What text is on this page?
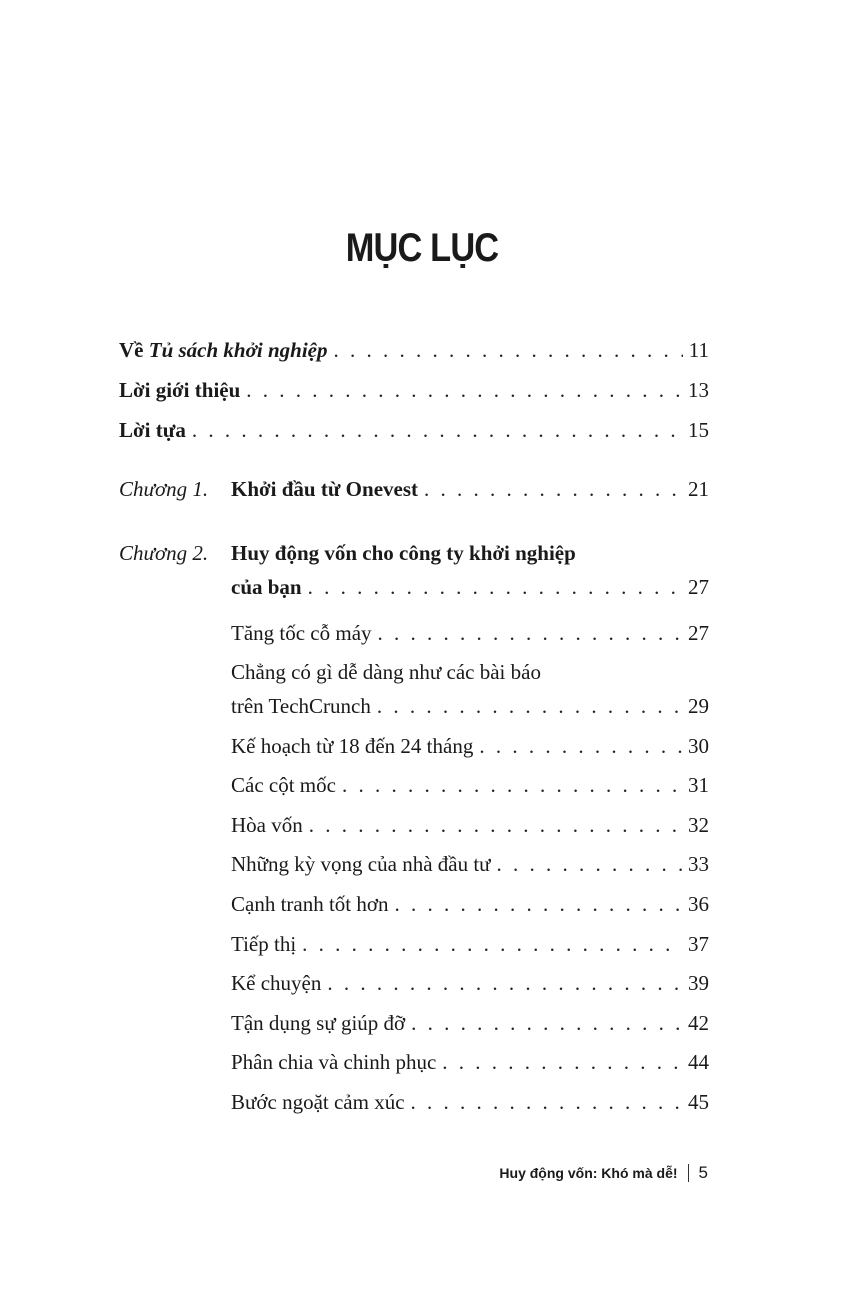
MỤC LỤC
Về Tủ sách khởi nghiệp . . .	11
Lời giới thiệu . . .	13
Lời tựa . . .	15
Chương 1. Khởi đầu từ Onevest . . .	21
Chương 2. Huy động vốn cho công ty khởi nghiệp
của bạn . . .	27
Tăng tốc cỗ máy . . .	27
Chẳng có gì dễ dàng như các bài báo
trên TechCrunch . . .	29
Kế hoạch từ 18 đến 24 tháng . . .	30
Các cột mốc . . .	31
Hòa vốn . . .	32
Những kỳ vọng của nhà đầu tư . . .	33
Cạnh tranh tốt hơn . . .	36
Tiếp thị . . .	37
Kể chuyện . . .	39
Tận dụng sự giúp đỡ . . .	42
Phân chia và chinh phục . . .	44
Bước ngoặt cảm xúc . . .	45
Huy động vốn: Khó mà dễ! 5
